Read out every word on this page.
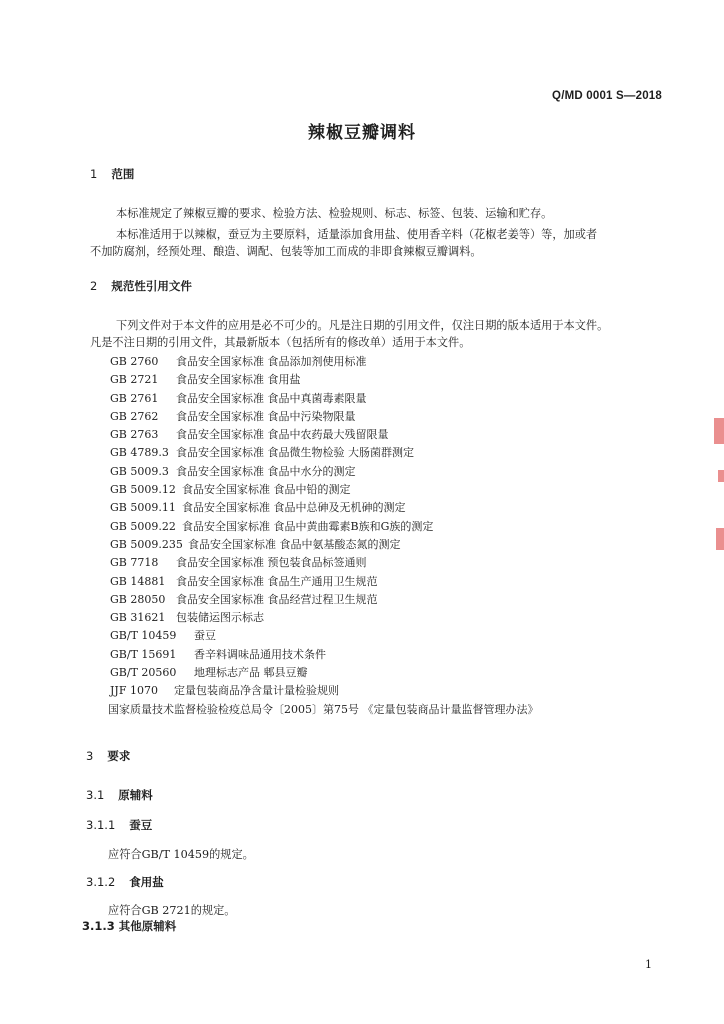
Q/MD 0001 S—2018
辣椒豆瓣调料
1 范围
本标准规定了辣椒豆瓣的要求、检验方法、检验规则、标志、标签、包装、运输和贮存。
本标准适用于以辣椒，蚕豆为主要原料，适量添加食用盐、使用香辛料（花椒老姜等）等，加或者
不加防腐剂，经预处理、酿造、调配、包装等加工而成的非即食辣椒豆瓣调料。
2 规范性引用文件
下列文件对于本文件的应用是必不可少的。凡是注日期的引用文件，仅注日期的版本适用于本文件。
凡是不注日期的引用文件，其最新版本（包括所有的修改单）适用于本文件。
GB 2760 食品安全国家标准 食品添加剂使用标准
GB 2721 食品安全国家标准 食用盐
GB 2761 食品安全国家标准 食品中真菌毒素限量
GB 2762 食品安全国家标准 食品中污染物限量
GB 2763 食品安全国家标准 食品中农药最大残留限量
GB 4789.3 食品安全国家标准 食品微生物检验 大肠菌群测定
GB 5009.3 食品安全国家标准 食品中水分的测定
GB 5009.12 食品安全国家标准 食品中铅的测定
GB 5009.11 食品安全国家标准 食品中总砷及无机砷的测定
GB 5009.22 食品安全国家标准 食品中黄曲霉素B族和G族的测定
GB 5009.235 食品安全国家标准 食品中氨基酸态氮的测定
GB 7718 食品安全国家标准 预包装食品标签通则
GB 14881 食品安全国家标准 食品生产通用卫生规范
GB 28050 食品安全国家标准 食品经营过程卫生规范
GB 31621 包装储运图示标志
GB/T 10459 蚕豆
GB/T 15691 香辛料调味品通用技术条件
GB/T 20560 地理标志产品 郫县豆瓣
JJF 1070 定量包装商品净含量计量检验规则
国家质量技术监督检验检疫总局令〔2005〕第75号 《定量包装商品计量监督管理办法》
3 要求
3.1 原辅料
3.1.1 蚕豆
应符合GB/T 10459的规定。
3.1.2 食用盐
应符合GB 2721的规定。
3.1.3 其他原辅料
1
